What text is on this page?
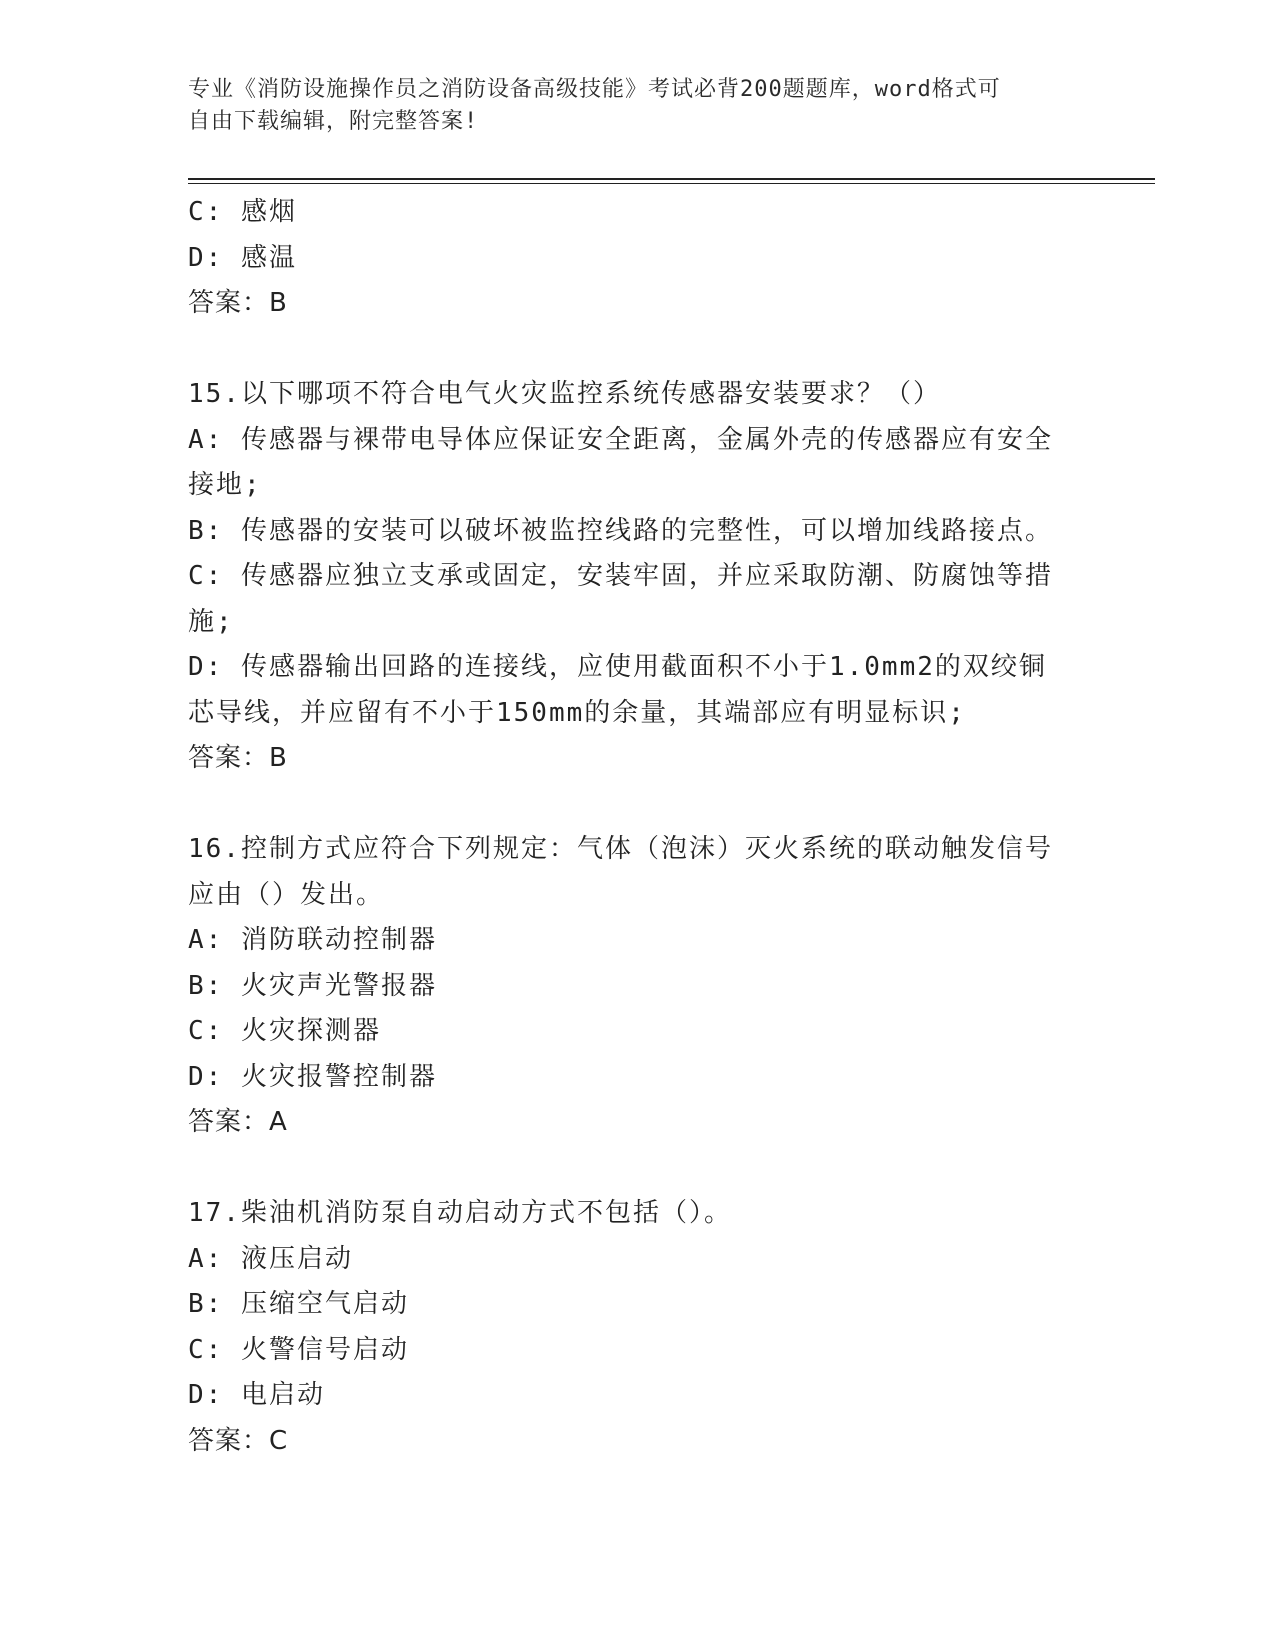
专业《消防设施操作员之消防设备高级技能》考试必背200题题库，word格式可
自由下载编辑，附完整答案!
C: 感烟
D: 感温
答案：B
15.以下哪项不符合电气火灾监控系统传感器安装要求？（）
A: 传感器与裸带电导体应保证安全距离，金属外壳的传感器应有安全
接地;
B: 传感器的安装可以破坏被监控线路的完整性，可以增加线路接点。
C: 传感器应独立支承或固定，安装牢固，并应采取防潮、防腐蚀等措
施;
D: 传感器输出回路的连接线，应使用截面积不小于1.0mm2的双绞铜
芯导线，并应留有不小于150mm的余量，其端部应有明显标识;
答案：B
16.控制方式应符合下列规定：气体（泡沫）灭火系统的联动触发信号
应由（）发出。
A: 消防联动控制器
B: 火灾声光警报器
C: 火灾探测器
D: 火灾报警控制器
答案：A
17.柴油机消防泵自动启动方式不包括（）。
A: 液压启动
B: 压缩空气启动
C: 火警信号启动
D: 电启动
答案：C
